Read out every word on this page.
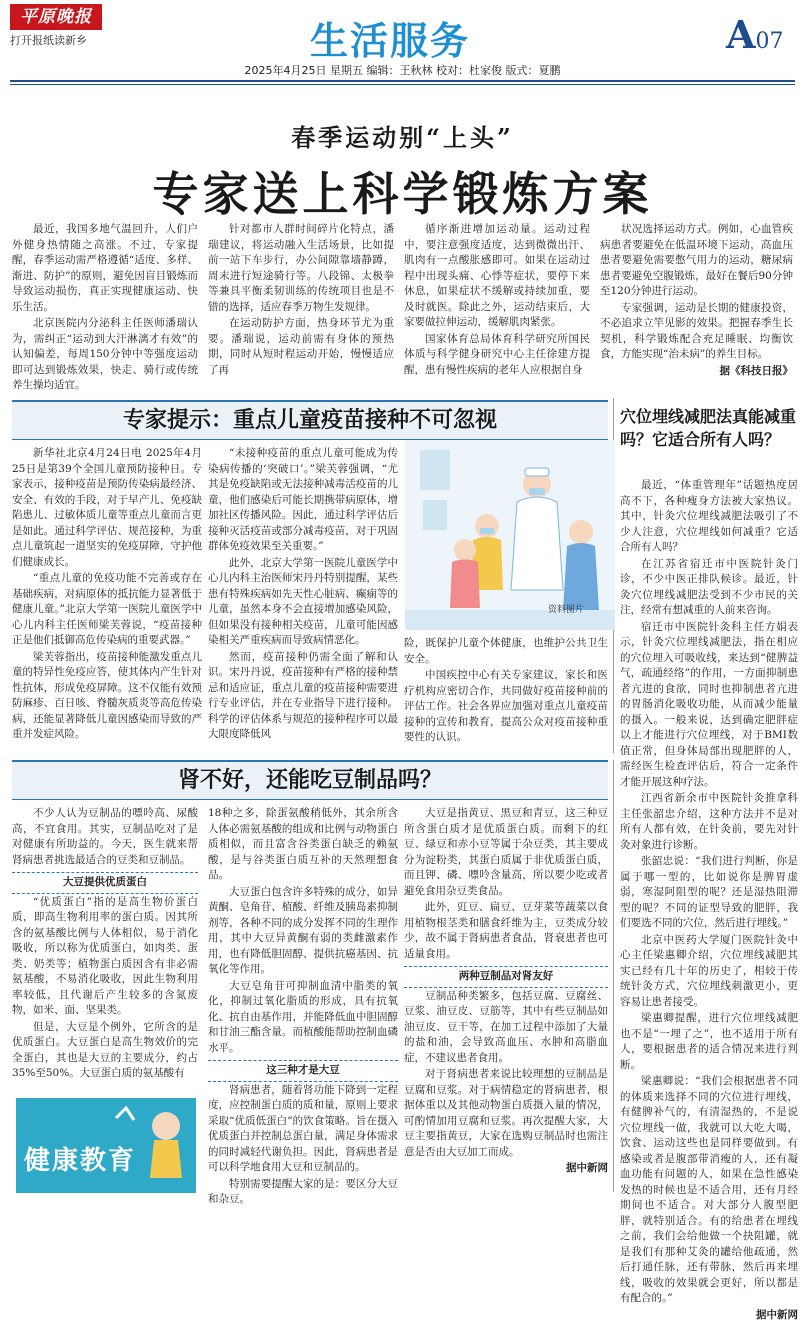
平原晚报
打开报纸读新乡	生活服务	A07
2025年4月25日 星期五 编辑：王秋林 校对：杜家俊 版式：夏鹏
春季运动别“上头”
专家送上科学锻炼方案

最近，我国多地气温回升，人们户外健身热情随之高涨。不过，专家提醒，春季运动需严格遵循“适度、多样、渐进、防护”的原则，避免因盲目锻炼而导致运动损伤，真正实现健康运动、快乐生活。

北京医院内分泌科主任医师潘瑞认为，需纠正“运动到大汗淋漓才有效”的认知偏差，每周150分钟中等强度运动即可达到锻炼效果，快走、骑行或传统养生操均适宜。

针对都市人群时间碎片化特点，潘瑞建议，将运动融入生活场景，比如提前一站下车步行，办公间隙靠墙静蹲，周末进行短途骑行等。八段锦、太极拳等兼具平衡柔韧训练的传统项目也是不错的选择，适应春季万物生发规律。

在运动防护方面，热身环节尤为重要。潘瑞说，运动前需有身体的预热期，同时从短时程运动开始，慢慢适应了再

循序渐进增加运动量。运动过程中，要注意强度适度，达到微微出汗、肌肉有一点酸胀感即可。如果在运动过程中出现头痛、心悸等症状，要停下来休息，如果症状不缓解或持续加重，要及时就医。除此之外，运动结束后，大家要做拉伸运动，缓解肌肉紧张。

国家体育总局体育科学研究所国民体质与科学健身研究中心主任徐建方提醒，患有慢性疾病的老年人应根据自身

状况选择运动方式。例如，心血管疾病患者要避免在低温环境下运动，高血压患者要避免需要憋气用力的运动，糖尿病患者要避免空腹锻炼，最好在餐后90分钟至120分钟进行运动。

专家强调，运动是长期的健康投资，不必追求立竿见影的效果。把握春季生长契机，科学锻炼配合充足睡眠、均衡饮食，方能实现“治未病”的养生目标。

据《科技日报》

专家提示：重点儿童疫苗接种不可忽视

新华社北京4月24日电 2025年4月25日是第39个全国儿童预防接种日。专家表示，接种疫苗是预防传染病最经济、安全、有效的手段，对于早产儿、免疫缺陷患儿、过敏体质儿童等重点儿童而言更是如此。通过科学评估、规范接种，为重点儿童筑起一道坚实的免疫屏障，守护他们健康成长。

“重点儿童的免疫功能不完善或存在基础疾病，对病原体的抵抗能力显著低于健康儿童。”北京大学第一医院儿童医学中心儿内科主任医师梁芙蓉说，“疫苗接种正是他们抵御高危传染病的重要武器。”

梁芙蓉指出，疫苗接种能激发重点儿童的特异性免疫应答，使其体内产生针对性抗体，形成免疫屏障。这不仅能有效预防麻疹、百日咳、脊髓灰质炎等高危传染病，还能显著降低儿童因感染而导致的严重并发症风险。

“未接种疫苗的重点儿童可能成为传染病传播的‘突破口’。”梁芙蓉强调，“尤其是免疫缺陷或无法接种减毒活疫苗的儿童，他们感染后可能长期携带病原体，增加社区传播风险。因此，通过科学评估后接种灭活疫苗或部分减毒疫苗，对于巩固群体免疫效果至关重要。”

此外，北京大学第一医院儿童医学中心儿内科主治医师宋丹丹特别提醒，某些患有特殊疾病如先天性心脏病、癫痫等的儿童，虽然本身不会直接增加感染风险，但如果没有接种相关疫苗，儿童可能因感染相关严重疾病而导致病情恶化。

然而，疫苗接种仍需全面了解和认识。宋丹丹说，疫苗接种有严格的接种禁忌和适应证，重点儿童的疫苗接种需要进行专业评估，并在专业指导下进行接种。科学的评估体系与规范的接种程序可以最大限度降低风

资料图片

险，既保护儿童个体健康，也维护公共卫生安全。

中国疾控中心有关专家建议，家长和医疗机构应密切合作，共同做好疫苗接种前的评估工作。社会各界应加强对重点儿童疫苗接种的宣传和教育，提高公众对疫苗接种重要性的认识。

穴位埋线减肥法真能减重吗？它适合所有人吗？

最近，“体重管理年”话题热度居高不下，各种瘦身方法被大家热议。其中，针灸穴位埋线减肥法吸引了不少人注意，穴位埋线如何减重？它适合所有人吗？

在江苏省宿迁市中医院针灸门诊，不少中医正排队候诊。最近，针灸穴位埋线减肥法受到不少市民的关注，经常有想减重的人前来咨询。

宿迁市中医院针灸科主任方娟表示，针灸穴位埋线减肥法，指在相应的穴位埋入可吸收线，来达到“健脾益气，疏通经络”的作用，一方面抑制患者亢进的食欲，同时也抑制患者亢进的胃肠消化吸收功能，从而减少能量的摄入。一般来说，达到确定肥胖症以上才能进行穴位埋线，对于BMI数值正常，但身体局部出现肥胖的人，需经医生检查评估后，符合一定条件才能开展这种疗法。

江西省新余市中医院针灸推拿科主任张韶忠介绍，这种方法并不是对所有人都有效，在针灸前，要先对针灸对象进行诊断。

张韶忠说：“我们进行判断，你是属于哪一型的，比如说你是脾胃虚弱，寒湿阿阻型的呢？还是湿热阻滞型的呢？不同的证型导致的肥胖，我们要选不同的穴位，然后进行埋线。”

北京中医药大学厦门医院针灸中心主任梁惠卿介绍，穴位埋线减肥其实已经有几十年的历史了，相较于传统针灸方式，穴位埋线刺激更小，更容易让患者接受。

梁惠卿提醒，进行穴位埋线减肥也不是“一埋了之”，也不适用于所有人，要根据患者的适合情况来进行判断。

梁惠卿说：“我们会根据患者不同的体质来选择不同的穴位进行埋线，有健脾补气的，有清湿热的，不是说穴位埋线一做，我就可以大吃大喝，饮食、运动这些也是同样要做到。有感染或者是腹部带消瘦的人，还有凝血功能有问题的人，如果在急性感染发热的时候也是不适合用，还有月经期间也不适合。对大部分人腹型肥胖，就特别适合。有的给患者在埋线之前，我们会给他做一个抉阻罐，就是我们有那种艾灸的罐给他疏通，然后打通任脉，还有带脉，然后再来埋线，吸收的效果就会更好，所以都是有配合的。”

据中新网

肾不好，还能吃豆制品吗？

不少人认为豆制品的嘌呤高、尿酸高，不宜食用。其实，豆制品吃对了是对健康有所助益的。今天，医生就来帮肾病患者挑选最适合的豆类和豆制品。

大豆提供优质蛋白

“优质蛋白”指的是高生物价蛋白质，即高生物利用率的蛋白质。因其所含的氨基酸比例与人体相似，易于消化吸收，所以称为优质蛋白，如肉类、蛋类、奶类等；植物蛋白质因含有非必需氨基酸，不易消化吸收，因此生物利用率较低，且代谢后产生较多的含氮废物，如米、面、坚果类。

但是，大豆是个例外，它所含的是优质蛋白。大豆蛋白是高生物效价的完全蛋白，其也是大豆的主要成分，约占35%至50%。大豆蛋白质的氨基酸有

健康教育

18种之多，除蛋氨酸稍低外，其余所含人体必需氨基酸的组成和比例与动物蛋白质相似，而且富含谷类蛋白缺乏的赖氨酸，是与谷类蛋白质互补的天然理想食品。

大豆蛋白包含许多特殊的成分，如异黄酮、皂角苷、植酸、纤维及胰岛素抑制剂等，各种不同的成分发挥不同的生理作用，其中大豆异黄酮有弱的类雌激素作用，也有降低胆固醇、提供抗癌基因、抗氧化等作用。

大豆皂角苷可抑制血清中脂类的氧化，抑制过氧化脂质的形成，具有抗氧化、抗自由基作用，并能降低血中胆固醇和甘油三酯含量。而植酸能帮助控制血磷水平。

这三种才是大豆

肾病患者，随着肾功能下降到一定程度，应控制蛋白质的质和量，原则上要求采取“优质低蛋白”的饮食策略。旨在摄入优质蛋白并控制总蛋白量，满足身体需求的同时减轻代谢负担。因此，肾病患者是可以科学地食用大豆和豆制品的。

特别需要提醒大家的是：要区分大豆和杂豆。

大豆是指黄豆、黑豆和青豆，这三种豆所含蛋白质才是优质蛋白质。而剩下的红豆、绿豆和赤小豆等属于杂豆类，其主要成分为淀粉类，其蛋白质属于非优质蛋白质，而且钾、磷、嘌呤含量高，所以要少吃或者避免食用杂豆类食品。

此外，豇豆、扁豆、豆芽菜等蔬菜以食用植物根茎类和膳食纤维为主，豆类成分较少，故不属于肾病患者食品，肾衰患者也可适量食用。

两种豆制品对肾友好

豆制品种类繁多，包括豆腐、豆腐丝、豆浆、油豆皮、豆筋等，其中有些豆制品如油豆皮、豆干等，在加工过程中添加了大量的盐和油，会导致高血压、水肿和高脂血症，不建议患者食用。

对于肾病患者来说比较理想的豆制品是豆腐和豆浆。对于病情稳定的肾病患者，根据体重以及其他动物蛋白质摄入量的情况，可酌情加用豆腐和豆浆。再次提醒大家，大豆主要指黄豆，大家在选购豆制品时也需注意是否由大豆加工而成。

据中新网
